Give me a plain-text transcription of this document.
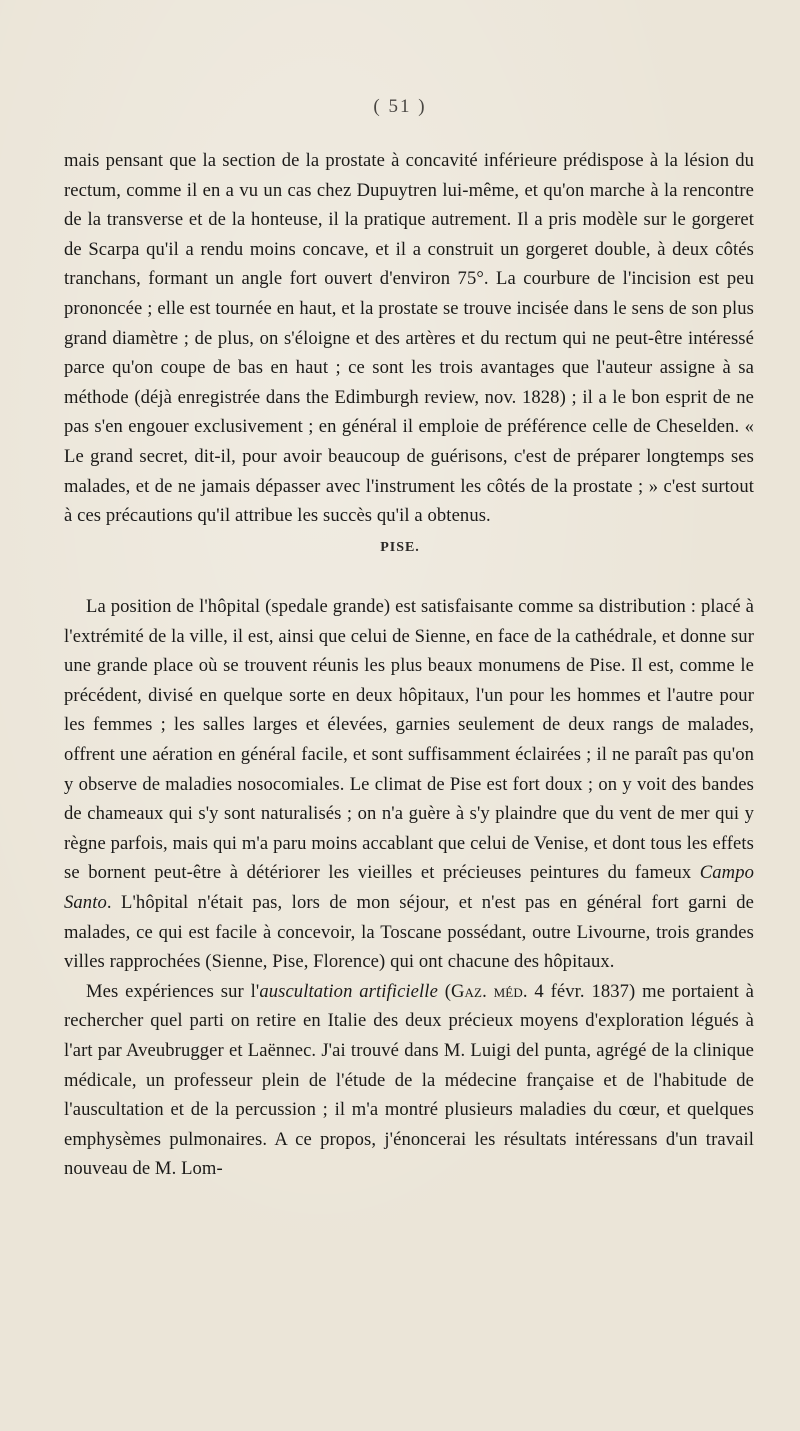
( 51 )

mais pensant que la section de la prostate à concavité inférieure prédispose à la lésion du rectum, comme il en a vu un cas chez Dupuytren lui-même, et qu'on marche à la rencontre de la transverse et de la honteuse, il la pratique autrement. Il a pris modèle sur le gorgeret de Scarpa qu'il a rendu moins concave, et il a construit un gorgeret double, à deux côtés tranchans, formant un angle fort ouvert d'environ 75°. La courbure de l'incision est peu prononcée ; elle est tournée en haut, et la prostate se trouve incisée dans le sens de son plus grand diamètre ; de plus, on s'éloigne et des artères et du rectum qui ne peut-être intéressé parce qu'on coupe de bas en haut ; ce sont les trois avantages que l'auteur assigne à sa méthode (déjà enregistrée dans the Edimburgh review, nov. 1828) ; il a le bon esprit de ne pas s'en engouer exclusivement ; en général il emploie de préférence celle de Cheselden. « Le grand secret, dit-il, pour avoir beaucoup de guérisons, c'est de préparer longtemps ses malades, et de ne jamais dépasser avec l'instrument les côtés de la prostate ; » c'est surtout à ces précautions qu'il attribue les succès qu'il a obtenus.

PISE.

La position de l'hôpital (spedale grande) est satisfaisante comme sa distribution : placé à l'extrémité de la ville, il est, ainsi que celui de Sienne, en face de la cathédrale, et donne sur une grande place où se trouvent réunis les plus beaux monumens de Pise. Il est, comme le précédent, divisé en quelque sorte en deux hôpitaux, l'un pour les hommes et l'autre pour les femmes ; les salles larges et élevées, garnies seulement de deux rangs de malades, offrent une aération en général facile, et sont suffisamment éclairées ; il ne paraît pas qu'on y observe de maladies nosocomiales. Le climat de Pise est fort doux ; on y voit des bandes de chameaux qui s'y sont naturalisés ; on n'a guère à s'y plaindre que du vent de mer qui y règne parfois, mais qui m'a paru moins accablant que celui de Venise, et dont tous les effets se bornent peut-être à détériorer les vieilles et précieuses peintures du fameux Campo Santo. L'hôpital n'était pas, lors de mon séjour, et n'est pas en général fort garni de malades, ce qui est facile à concevoir, la Toscane possédant, outre Livourne, trois grandes villes rapprochées (Sienne, Pise, Florence) qui ont chacune des hôpitaux.

Mes expériences sur l'auscultation artificielle (Gaz. méd. 4 févr. 1837) me portaient à rechercher quel parti on retire en Italie des deux précieux moyens d'exploration légués à l'art par Aveubrugger et Laënnec. J'ai trouvé dans M. Luigi del punta, agrégé de la clinique médicale, un professeur plein de l'étude de la médecine française et de l'habitude de l'auscultation et de la percussion ; il m'a montré plusieurs maladies du cœur, et quelques emphysèmes pulmonaires. A ce propos, j'énoncerai les résultats intéressans d'un travail nouveau de M. Lom-
